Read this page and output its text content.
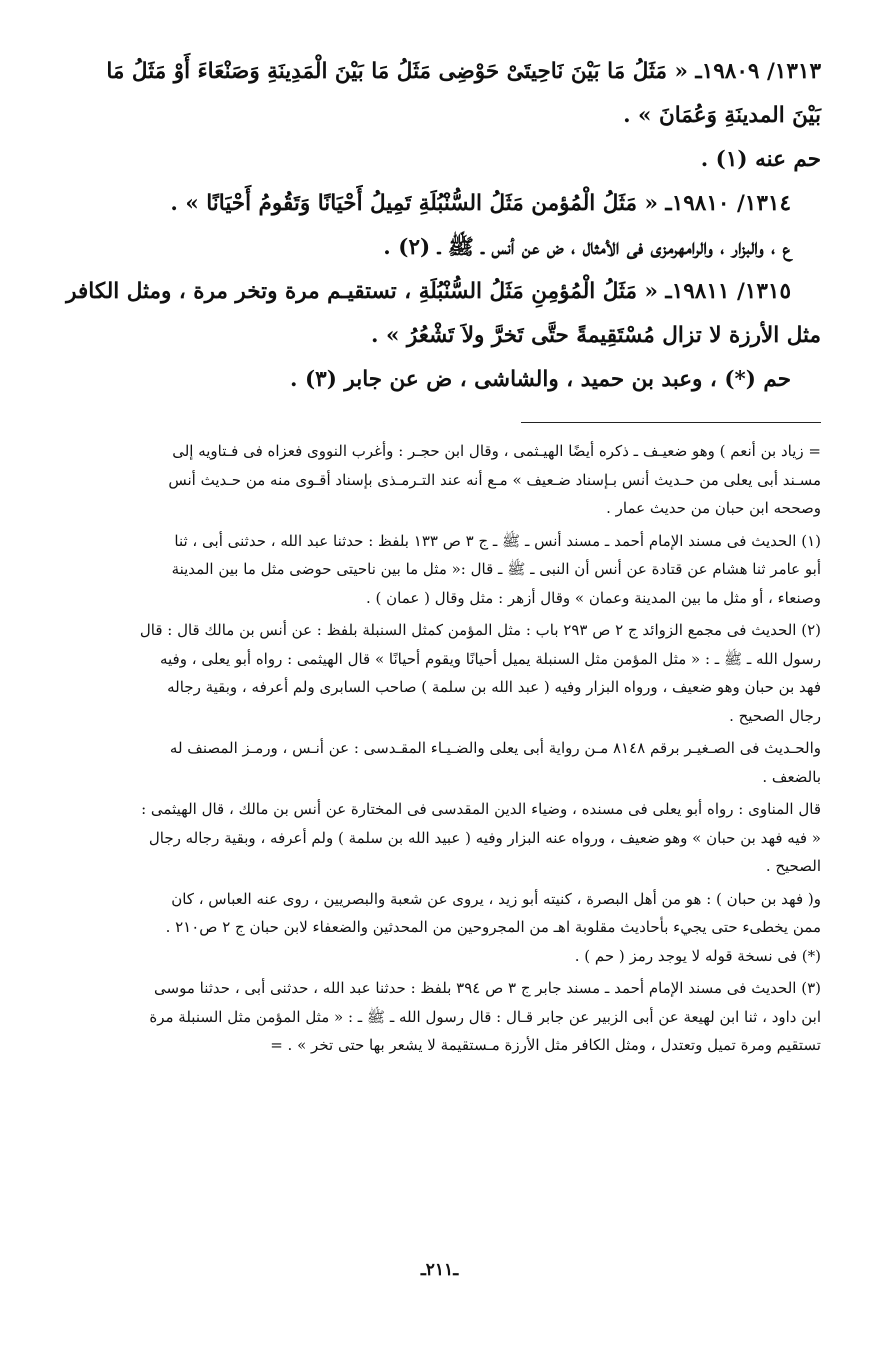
١٣١٣/ ١٩٨٠٩ـ « مَثَلُ مَا بَيْنَ نَاحِيتَىْ حَوْضِى مَثَلُ مَا بَيْنَ الْمَدِينَةِ وَصَنْعَاءَ أَوْ مَثَلُ مَا

بَيْنَ المدينَةِ وَعُمَانَ » .

حم عنه (١) .

١٣١٤/ ١٩٨١٠ـ « مَثَلُ الْمُؤمن مَثَلُ السُّنْبُلَةِ تَمِيلُ أَحْيَانًا وَتَقُومُ أَحْيَانًا » .

ع ، والبزار ، والرامهرمزى فى الأمثال ، ض عن أنس ـ ﷺ ـ (٢) .

١٣١٥/ ١٩٨١١ـ « مَثَلُ الْمُؤمِنِ مَثَلُ السُّنْبُلَةِ ، تستقيـم مرة وتخر مرة ، ومثل الكافر

مثل الأرزة لا تزال مُسْتَقِيمةً حتَّى تَخرَّ ولاَ تَشْعُرُ » .

حم (*) ، وعبد بن حميد ، والشاشى ، ض عن جابر (٣) .

= زياد بن أنعم ) وهو ضعيـف ـ ذكره أيضًا الهيـثمى ، وقال ابن حجـر : وأغرب النووى فعزاه فى فـتاويه إلى

مسـند أبى يعلى من حـديث أنس بـإسناد ضـعيف » مـع أنه عند التـرمـذى بإسناد أقـوى منه من حـديث أنس

وصححه ابن حبان من حديث عمار .

(١) الحديث فى مسند الإمام أحمد ـ مسند أنس ـ ﷺ ـ ج ٣ ص ١٣٣ بلفظ : حدثنا عبد الله ، حدثنى أبى ، ثنا

أبو عامر ثنا هشام عن قتادة عن أنس أن النبى ـ ﷺ ـ قال :« مثل ما بين ناحيتى حوضى مثل ما بين المدينة

وصنعاء ، أو مثل ما بين المدينة وعمان » وقال أزهر : مثل وقال ( عمان ) .

(٢) الحديث فى مجمع الزوائد ج ٢ ص ٢٩٣ باب : مثل المؤمن كمثل السنبلة بلفظ : عن أنس بن مالك قال : قال

رسول الله ـ ﷺ ـ : « مثل المؤمن مثل السنبلة يميل أحيانًا ويقوم أحيانًا » قال الهيثمى : رواه أبو يعلى ، وفيه

فهد بن حبان وهو ضعيف ، ورواه البزار وفيه ( عبد الله بن سلمة ) صاحب السابرى ولم أعرفه ، وبقية رجاله

رجال الصحيح .

والحـديث فى الصـغيـر برقم ٨١٤٨ مـن رواية أبى يعلى والضـيـاء المقـدسى : عن أنـس ، ورمـز المصنف له

بالضعف .

قال المناوى : رواه أبو يعلى فى مسنده ، وضياء الدين المقدسى فى المختارة عن أنس بن مالك ، قال الهيثمى :

« فيه فهد بن حبان » وهو ضعيف ، ورواه عنه البزار وفيه ( عبيد الله بن سلمة ) ولم أعرفه ، وبقية رجاله رجال

الصحيح .

و( فهد بن حبان ) : هو من أهل البصرة ، كنيته أبو زيد ، يروى عن شعبة والبصريين ، روى عنه العباس ، كان

ممن يخطىء حتى يجيء بأحاديث مقلوبة اهـ من المجروحين من المحدثين والضعفاء لابن حبان ج ٢ ص٢١٠ .

(*) فى نسخة قوله لا يوجد رمز ( حم ) .

(٣) الحديث فى مسند الإمام أحمد ـ مسند جابر ج ٣ ص ٣٩٤ بلفظ : حدثنا عبد الله ، حدثنى أبى ، حدثنا موسى

ابن داود ، ثنا ابن لهيعة عن أبى الزبير عن جابر قـال : قال رسول الله ـ ﷺ ـ : « مثل المؤمن مثل السنبلة مرة

تستقيم ومرة تميل وتعتدل ، ومثل الكافر مثل الأرزة مـستقيمة لا يشعر بها حتى تخر » . =

ـ٢١١ـ
